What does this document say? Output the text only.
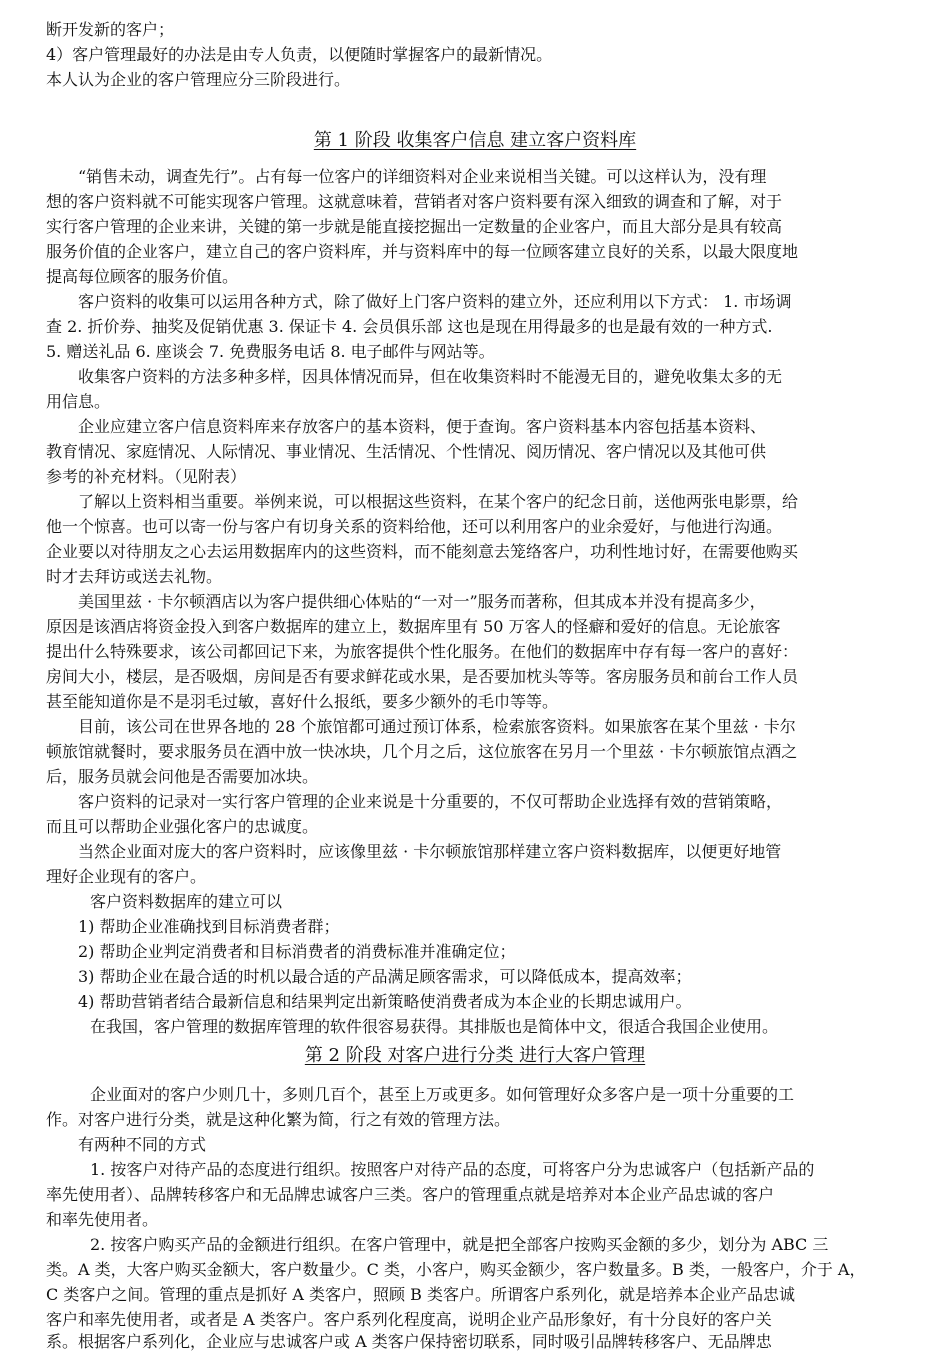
断开发新的客户；
4）客户管理最好的办法是由专人负责，以便随时掌握客户的最新情况。
本人认为企业的客户管理应分三阶段进行。
第 1 阶段 收集客户信息 建立客户资料库
“销售未动，调查先行”。占有每一位客户的详细资料对企业来说相当关键。可以这样认为，没有理
想的客户资料就不可能实现客户管理。这就意味着，营销者对客户资料要有深入细致的调查和了解，对于
实行客户管理的企业来讲，关键的第一步就是能直接挖掘出一定数量的企业客户，而且大部分是具有较高
服务价值的企业客户，建立自己的客户资料库，并与资料库中的每一位顾客建立良好的关系，以最大限度地
提高每位顾客的服务价值。
客户资料的收集可以运用各种方式，除了做好上门客户资料的建立外，还应利用以下方式： 1. 市场调
查 2. 折价券、抽奖及促销优惠 3. 保证卡 4. 会员俱乐部 这也是现在用得最多的也是最有效的一种方式.
5. 赠送礼品 6. 座谈会 7. 免费服务电话 8. 电子邮件与网站等。
收集客户资料的方法多种多样，因具体情况而异，但在收集资料时不能漫无目的，避免收集太多的无
用信息。
企业应建立客户信息资料库来存放客户的基本资料，便于查询。客户资料基本内容包括基本资料、
教育情况、家庭情况、人际情况、事业情况、生活情况、个性情况、阅历情况、客户情况以及其他可供
参考的补充材料。（见附表）
了解以上资料相当重要。举例来说，可以根据这些资料，在某个客户的纪念日前，送他两张电影票，给
他一个惊喜。也可以寄一份与客户有切身关系的资料给他，还可以利用客户的业余爱好，与他进行沟通。
企业要以对待朋友之心去运用数据库内的这些资料，而不能刻意去笼络客户，功利性地讨好，在需要他购买
时才去拜访或送去礼物。
美国里兹 · 卡尔顿酒店以为客户提供细心体贴的“一对一”服务而著称，但其成本并没有提高多少，
原因是该酒店将资金投入到客户数据库的建立上，数据库里有 50 万客人的怪癖和爱好的信息。无论旅客
提出什么特殊要求，该公司都回记下来，为旅客提供个性化服务。在他们的数据库中存有每一客户的喜好：
房间大小，楼层，是否吸烟，房间是否有要求鲜花或水果，是否要加枕头等等。客房服务员和前台工作人员
甚至能知道你是不是羽毛过敏，喜好什么报纸，要多少额外的毛巾等等。
目前，该公司在世界各地的 28 个旅馆都可通过预订体系，检索旅客资料。如果旅客在某个里兹 · 卡尔
顿旅馆就餐时，要求服务员在酒中放一快冰块，几个月之后，这位旅客在另月一个里兹 · 卡尔顿旅馆点酒之
后，服务员就会问他是否需要加冰块。
客户资料的记录对一实行客户管理的企业来说是十分重要的，不仅可帮助企业选择有效的营销策略，
而且可以帮助企业强化客户的忠诚度。
当然企业面对庞大的客户资料时，应该像里兹 · 卡尔顿旅馆那样建立客户资料数据库，以便更好地管
理好企业现有的客户。
客户资料数据库的建立可以
1) 帮助企业准确找到目标消费者群；
2) 帮助企业判定消费者和目标消费者的消费标准并准确定位；
3) 帮助企业在最合适的时机以最合适的产品满足顾客需求，可以降低成本，提高效率；
4) 帮助营销者结合最新信息和结果判定出新策略使消费者成为本企业的长期忠诚用户。
在我国，客户管理的数据库管理的软件很容易获得。其排版也是简体中文，很适合我国企业使用。
第 2 阶段 对客户进行分类 进行大客户管理
企业面对的客户少则几十，多则几百个，甚至上万或更多。如何管理好众多客户是一项十分重要的工
作。对客户进行分类，就是这种化繁为简，行之有效的管理方法。
有两种不同的方式
1. 按客户对待产品的态度进行组织。按照客户对待产品的态度，可将客户分为忠诚客户（包括新产品的
率先使用者）、品牌转移客户和无品牌忠诚客户三类。客户的管理重点就是培养对本企业产品忠诚的客户
和率先使用者。
2. 按客户购买产品的金额进行组织。在客户管理中，就是把全部客户按购买金额的多少，划分为 ABC 三
类。A 类，大客户购买金额大，客户数量少。C 类，小客户，购买金额少，客户数量多。B 类，一般客户，介于 A，
C 类客户之间。管理的重点是抓好 A 类客户，照顾 B 类客户。所谓客户系列化，就是培养本企业产品忠诚
客户和率先使用者，或者是 A 类客户。客户系列化程度高，说明企业产品形象好，有十分良好的客户关
系。根据客户系列化，企业应与忠诚客户或 A 类客户保持密切联系，同时吸引品牌转移客户、无品牌忠
